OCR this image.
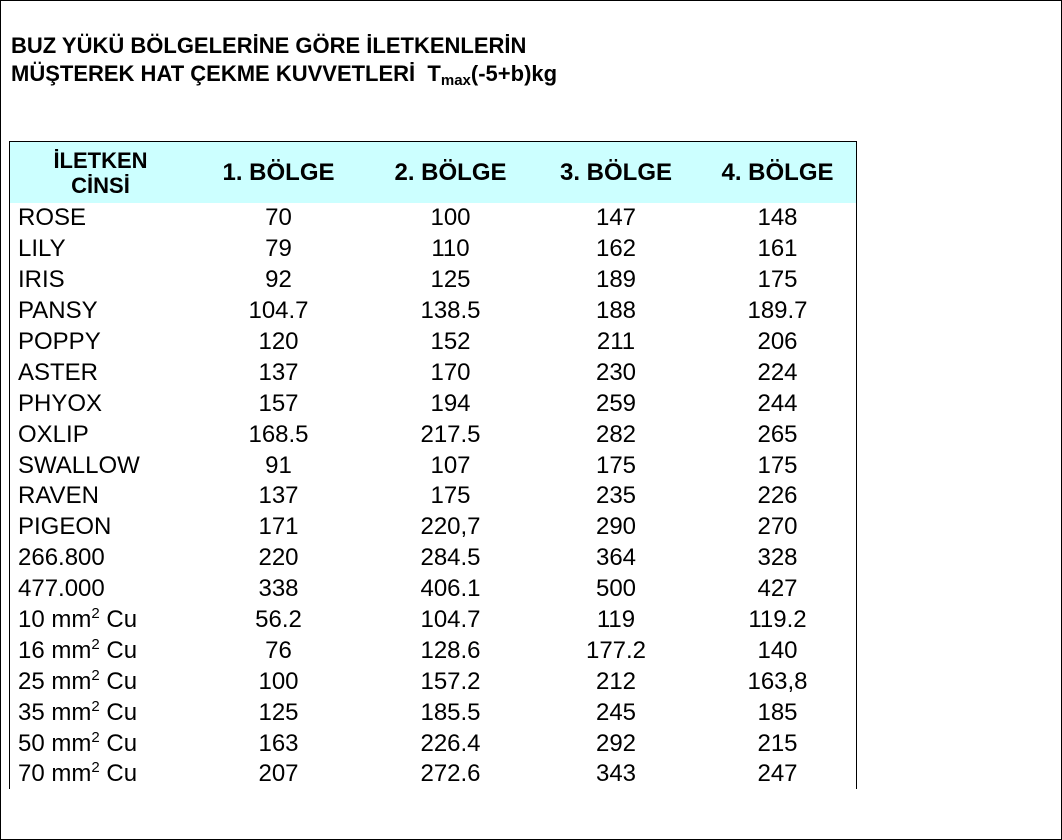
BUZ YÜKÜ BÖLGELERİNE GÖRE İLETKENLERİN
MÜŞTEREK HAT ÇEKME KUVVETLERİ $T_{max}(-5+b)kg$
İLETKEN
CİNSİ	1. BÖLGE	2. BÖLGE	3. BÖLGE	4. BÖLGE
ROSE	70	100	147	148
LILY	79	110	162	161
IRIS	92	125	189	175
PANSY	104.7	138.5	188	189.7
POPPY	120	152	211	206
ASTER	137	170	230	224
PHYOX	157	194	259	244
OXLIP	168.5	217.5	282	265
SWALLOW	91	107	175	175
RAVEN	137	175	235	226
PIGEON	171	220,7	290	270
266.800	220	284.5	364	328
477.000	338	406.1	500	427
10 $mm^2$ Cu	56.2	104.7	119	119.2
16 $mm^2$ Cu	76	128.6	177.2	140
25 $mm^2$ Cu	100	157.2	212	163,8
35 $mm^2$ Cu	125	185.5	245	185
50 $mm^2$ Cu	163	226.4	292	215
70 $mm^2$ Cu	207	272.6	343	247
